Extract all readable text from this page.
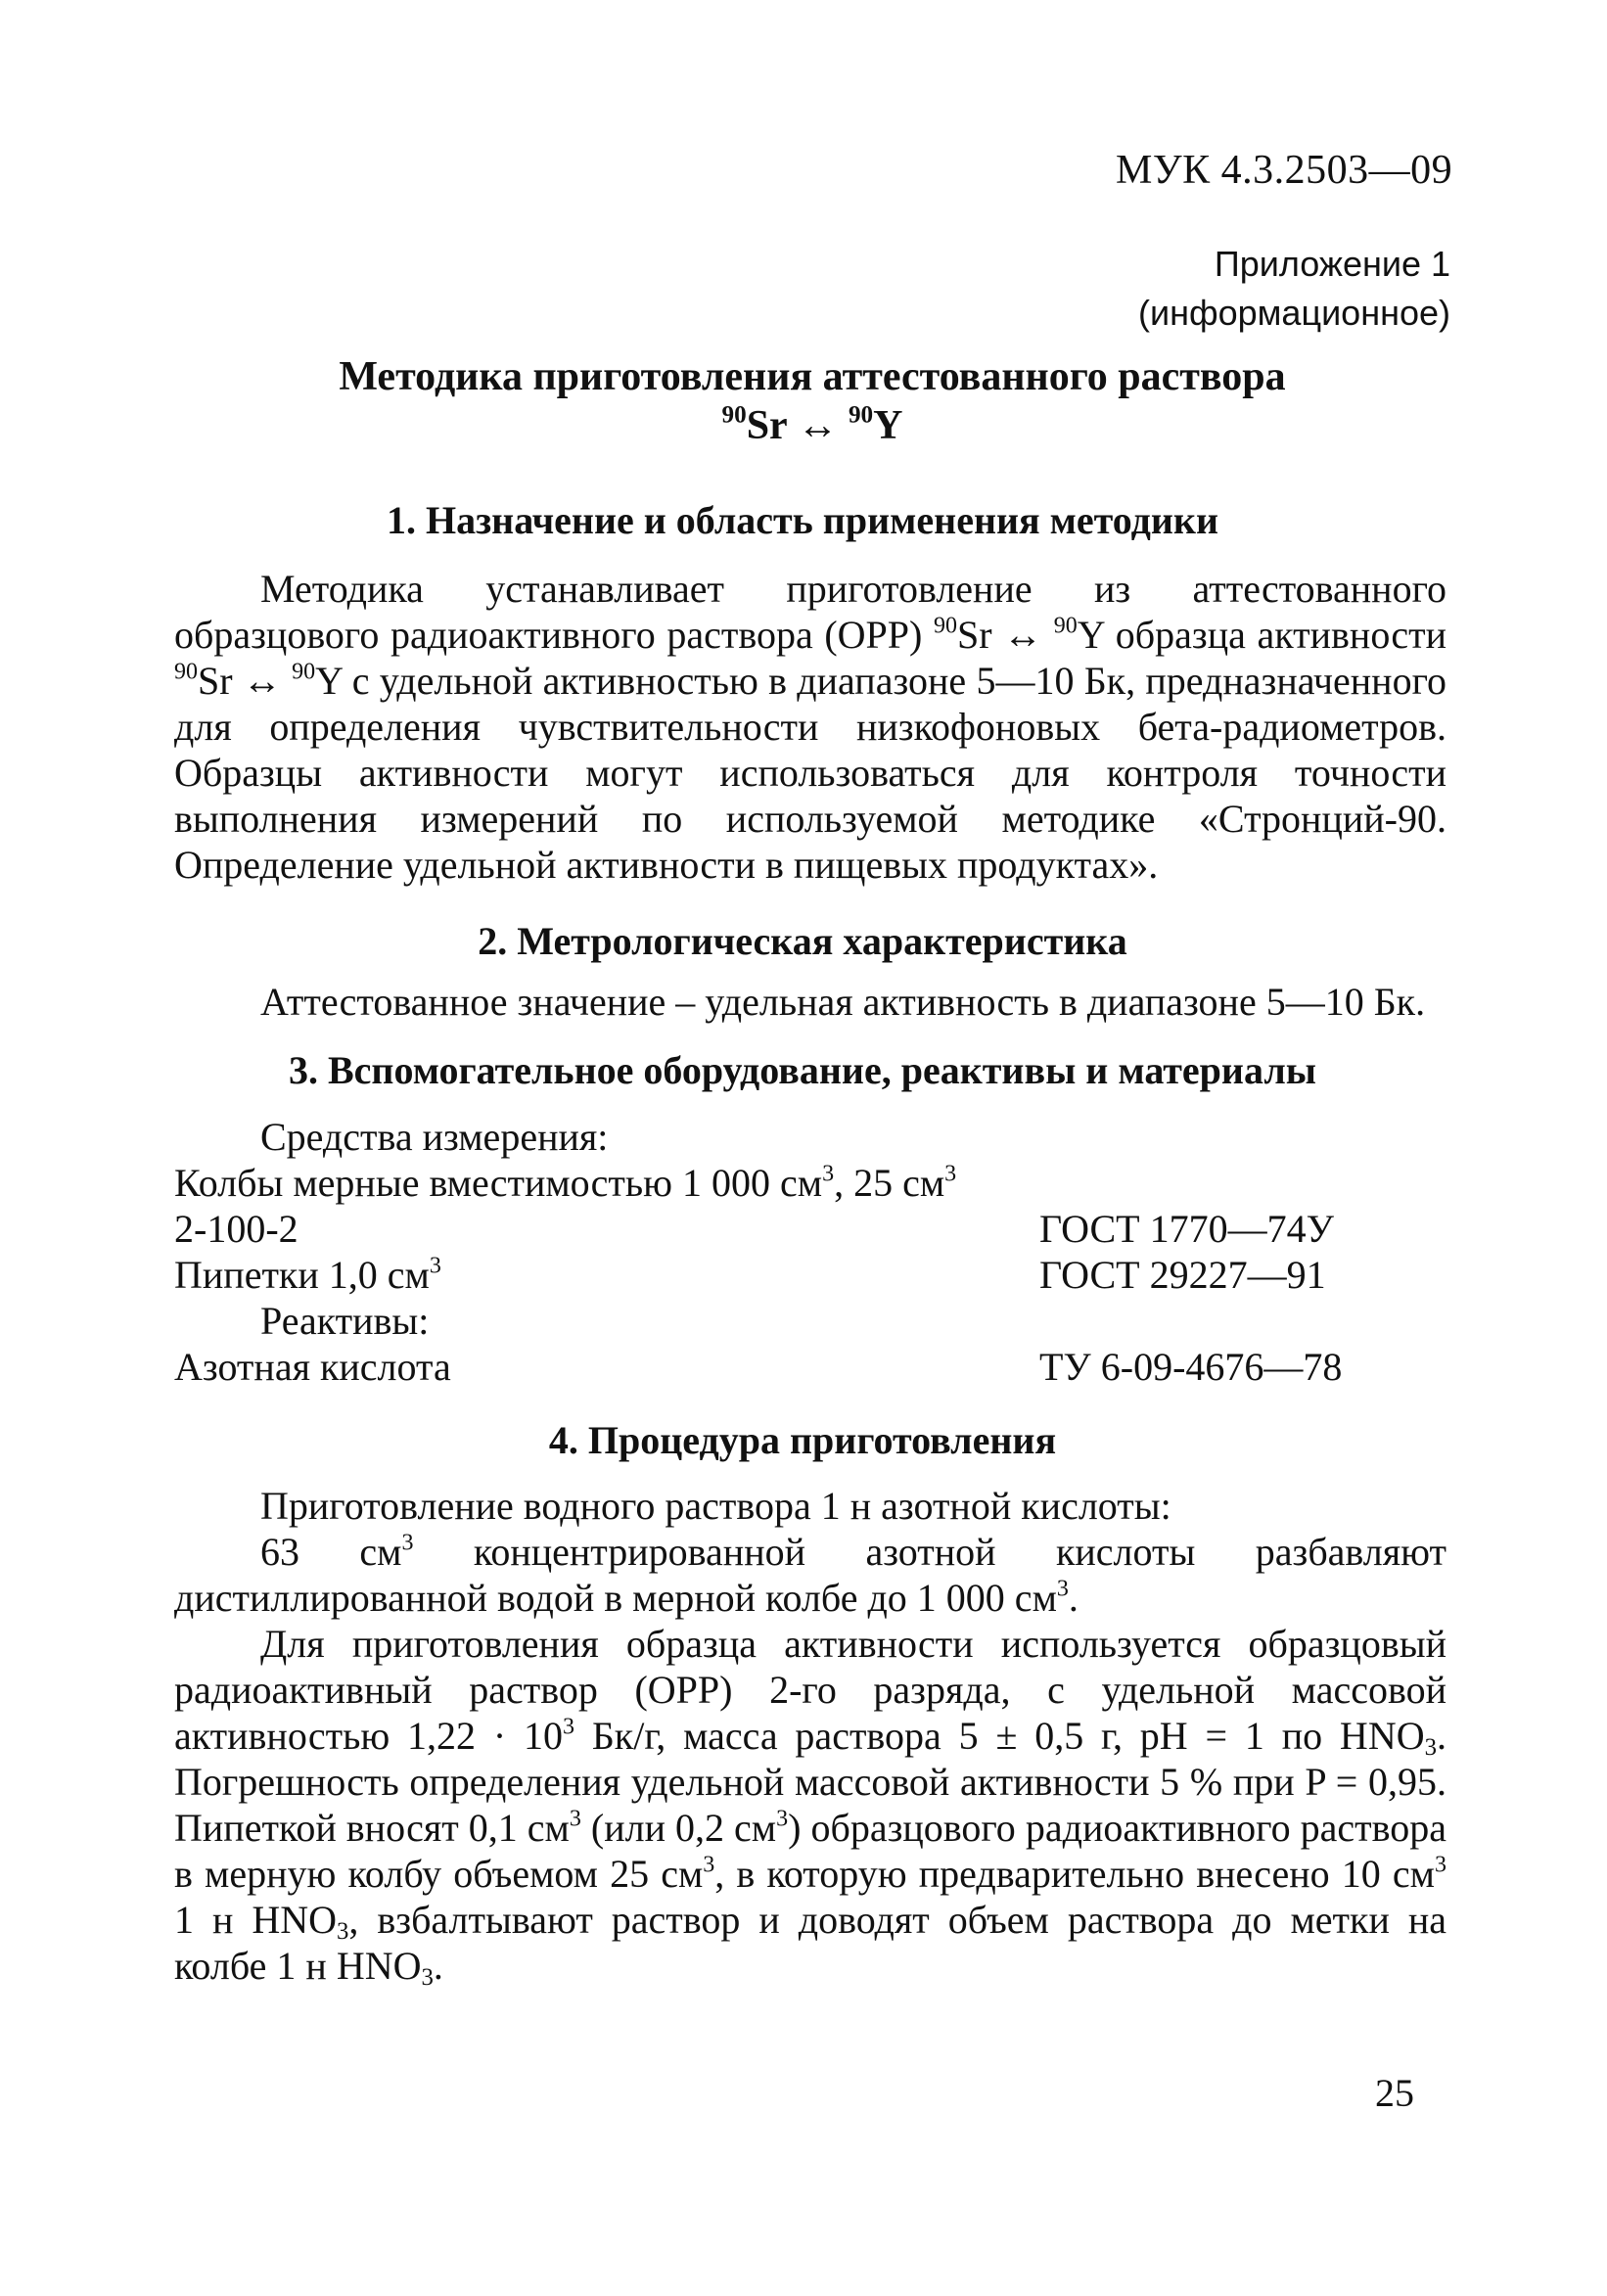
МУК 4.3.2503—09
Приложение 1
(информационное)
Методика приготовления аттестованного раствора
$^{90}$Sr ↔ $^{90}$Y
1. Назначение и область применения методики

Методика устанавливает приготовление из аттестованного образцового радиоактивного раствора (ОРР) $^{90}$Sr ↔ $^{90}$Y образца активности $^{90}$Sr ↔ $^{90}$Y с удельной активностью в диапазоне 5—10 Бк, предназначенного для определения чувствительности низкофоновых бета-радиометров. Образцы активности могут использоваться для контроля точности выполнения измерений по используемой методике «Стронций-90. Определение удельной активности в пищевых продуктах».

2. Метрологическая характеристика
Аттестованное значение – удельная активность в диапазоне 5—10 Бк.
3. Вспомогательное оборудование, реактивы и материалы
Средства измерения:
Колбы мерные вместимостью 1 000 $см^3$, 25 $см^3$
2-100-2	ГОСТ 1770—74У
Пипетки 1,0 $см^3$	ГОСТ 29227—91
Реактивы:
Азотная кислота	ТУ 6-09-4676—78
4. Процедура приготовления

Приготовление водного раствора 1 н азотной кислоты:

63 $см^3$ концентрированной азотной кислоты разбавляют дистиллированной водой в мерной колбе до 1 000 $см^3$.

Для приготовления образца активности используется образцовый радиоактивный раствор (ОРР) 2-го разряда, с удельной массовой активностью $1,22 \cdot 10^3$ Бк/г, масса раствора 5 ± 0,5 г, pH = 1 по $HNO_3$. Погрешность определения удельной массовой активности 5 % при P = 0,95. Пипеткой вносят 0,1 $см^3$ (или 0,2 $см^3$) образцового радиоактивного раствора в мерную колбу объемом 25 $см^3$, в которую предварительно внесено 10 $см^3$ 1 н $HNO_3$, взбалтывают раствор и доводят объем раствора до метки на колбе 1 н $HNO_3$.

25
